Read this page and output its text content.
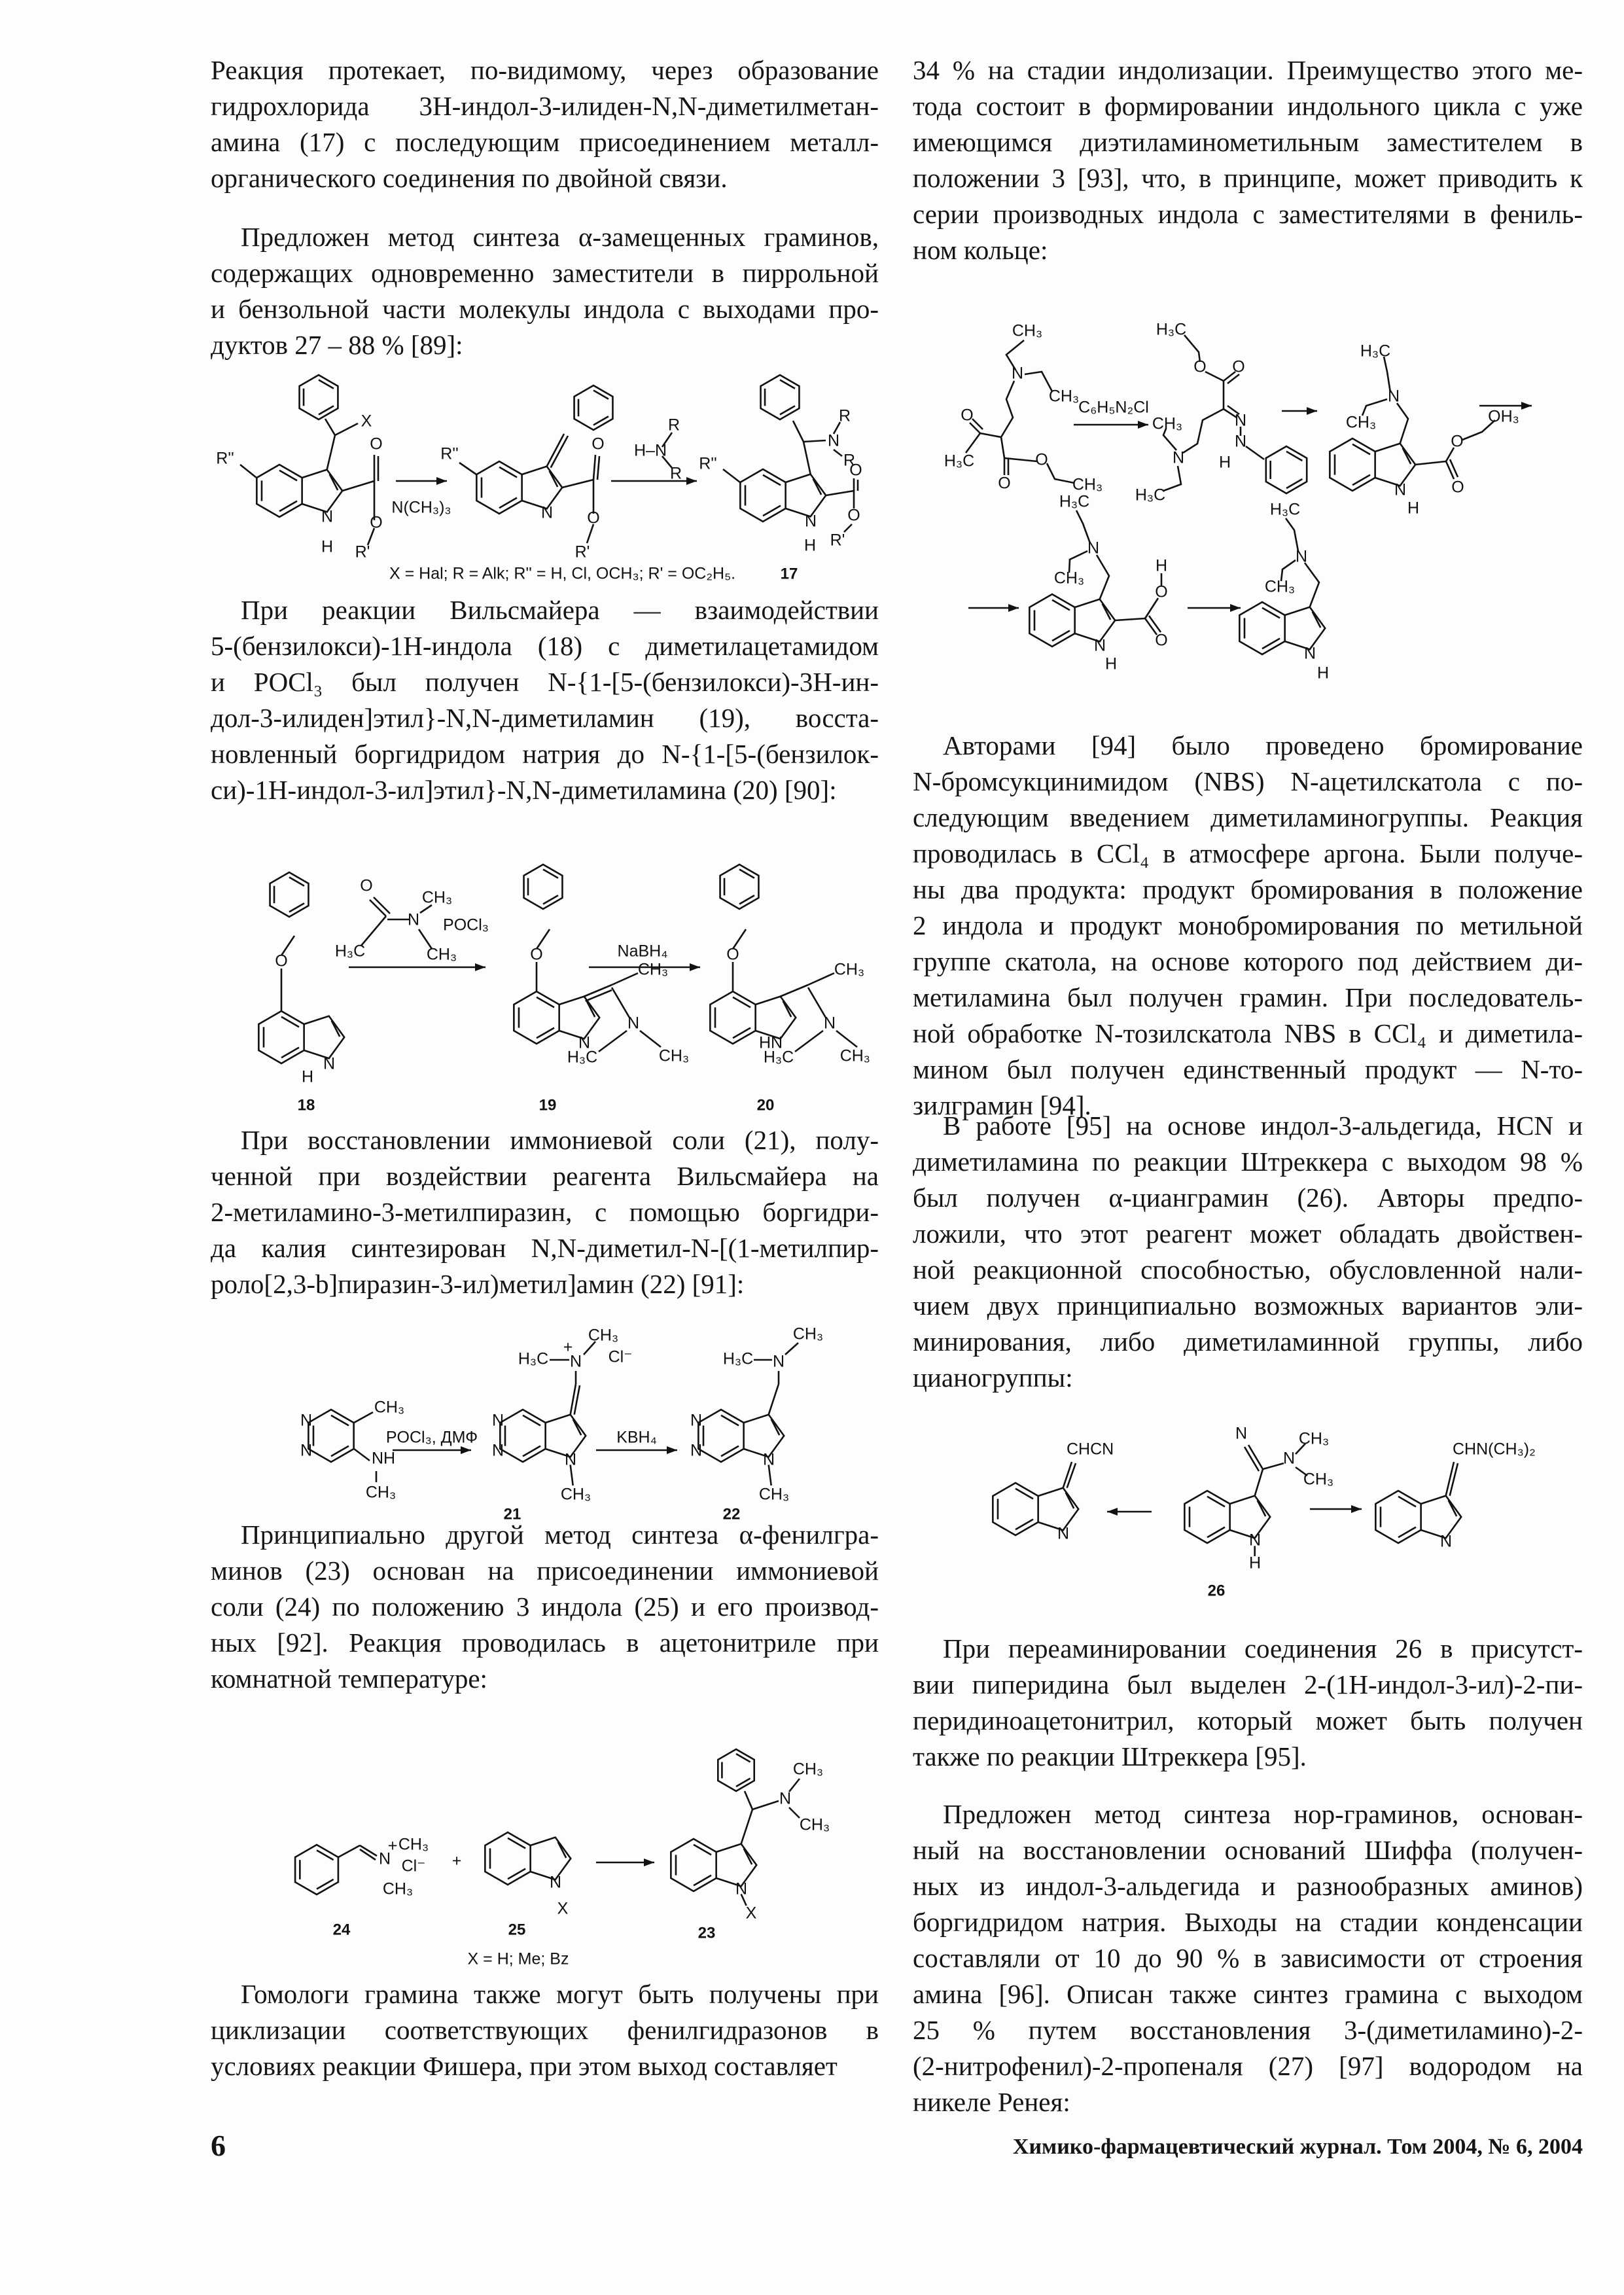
Реакция протекает, по-видимому, через образование
гидрохлорида 3Н-индол-3-илиден-N,N-диметилметан-
амина (17) с последующим присоединением металл-
органического соединения по двойной связи.
Предложен метод синтеза α-замещенных граминов,
содержащих одновременно заместители в пиррольной
и бензольной части молекулы индола с выходами про-
дуктов 27 – 88 % [89]:
При реакции Вильсмайера — взаимодействии
5-(бензилокси)-1Н-индола (18) с диметилацетамидом
и POCl₃ был получен N-{1-[5-(бензилокси)-3Н-ин-
дол-3-илиден]этил}-N,N-диметиламин (19), восста-
новленный боргидридом натрия до N-{1-[5-(бензилок-
си)-1Н-индол-3-ил]этил}-N,N-диметиламина (20) [90]:
При восстановлении иммониевой соли (21), полу-
ченной при воздействии реагента Вильсмайера на
2-метиламино-3-метилпиразин, с помощью боргидри-
да калия синтезирован N,N-диметил-N-[(1-метилпир-
роло[2,3-b]пиразин-3-ил)метил]амин (22) [91]:
Принципиально другой метод синтеза α-фенилгра-
минов (23) основан на присоединении иммониевой
соли (24) по положению 3 индола (25) и его производ-
ных [92]. Реакция проводилась в ацетонитриле при
комнатной температуре:
Гомологи грамина также могут быть получены при
циклизации соответствующих фенилгидразонов в
условиях реакции Фишера, при этом выход составляет
34 % на стадии индолизации. Преимущество этого ме-
тода состоит в формировании индольного цикла с уже
имеющимся диэтиламинометильным заместителем в
положении 3 [93], что, в принципе, может приводить к
серии производных индола с заместителями в фениль-
ном кольце:
Авторами [94] было проведено бромирование
N-бромсукцинимидом (NBS) N-ацетилскатола с по-
следующим введением диметиламиногруппы. Реакция
проводилась в CCl₄ в атмосфере аргона. Были получе-
ны два продукта: продукт бромирования в положение
2 индола и продукт монобромирования по метильной
группе скатола, на основе которого под действием ди-
метиламина был получен грамин. При последователь-
ной обработке N-тозилскатола NBS в CCl₄ и диметила-
мином был получен единственный продукт — N-то-
зилграмин [94].
В работе [95] на основе индол-3-альдегида, HCN и
диметиламина по реакции Штреккера с выходом 98 %
был получен α-цианграмин (26). Авторы предпо-
ложили, что этот реагент может обладать двойствен-
ной реакционной способностью, обусловленной нали-
чием двух принципиально возможных вариантов эли-
минирования, либо диметиламинной группы, либо
цианогруппы:
При переаминировании соединения 26 в присутст-
вии пиперидина был выделен 2-(1Н-индол-3-ил)-2-пи-
перидиноацетонитрил, который может быть получен
также по реакции Штреккера [95].
Предложен метод синтеза нор-граминов, основан-
ный на восстановлении оснований Шиффа (получен-
ных из индол-3-альдегида и разнообразных аминов)
боргидридом натрия. Выходы на стадии конденсации
составляли от 10 до 90 % в зависимости от строения
амина [96]. Описан также синтез грамина с выходом
25 % путем восстановления 3-(диметиламино)-2-
(2-нитрофенил)-2-пропеналя (27) [97] водородом на
никеле Ренея:
X
R''
O
O
N
H R'
N(CH₃)₃
R''
O
O
N
R'
H–N
R
R
R''
N
R
R
O
O
N
H R'
X = Hal; R = Alk; R'' = H, Cl, OCH₃; R' = OC₂H₅.	17
O
N
H
18
O
N
CH₃
H₃C	CH₃
POCl₃
O
N
CH₃
N
H₃C	CH₃
19
NaBH₄	O
HN
CH₃
N
H₃C	CH₃
20
N
N
CH₃
NH
CH₃
POCl₃, ДМФ
N
N	N
CH₃
N
+
H₃C
CH₃
Cl⁻
21
KBH₄
N
N	N
CH₃
N
H₃C
CH₃
22
N
+ CH₃
Cl⁻
CH₃
24
+
N
X
25
N
CH₃
CH₃
N
X
23
X = H; Me; Bz
CH₃
N
CH₃
O
H₃C
O
O
CH₃
C₆H₅N₂Cl
H₃C
O O
N
N
H
CH₃
N
H₃C
H₃C
N
CH₃
N
H
O
O
OH₃
H₃C
N
CH₃
N
H
H
O
O
H₃C
N
CH₃
N
H
CHCN
N
N
N
CH₃
CH₃
N
H
26
CHN(CH₃)₂
N
6	Химико-фармацевтический журнал. Том 2004, № 6, 2004
